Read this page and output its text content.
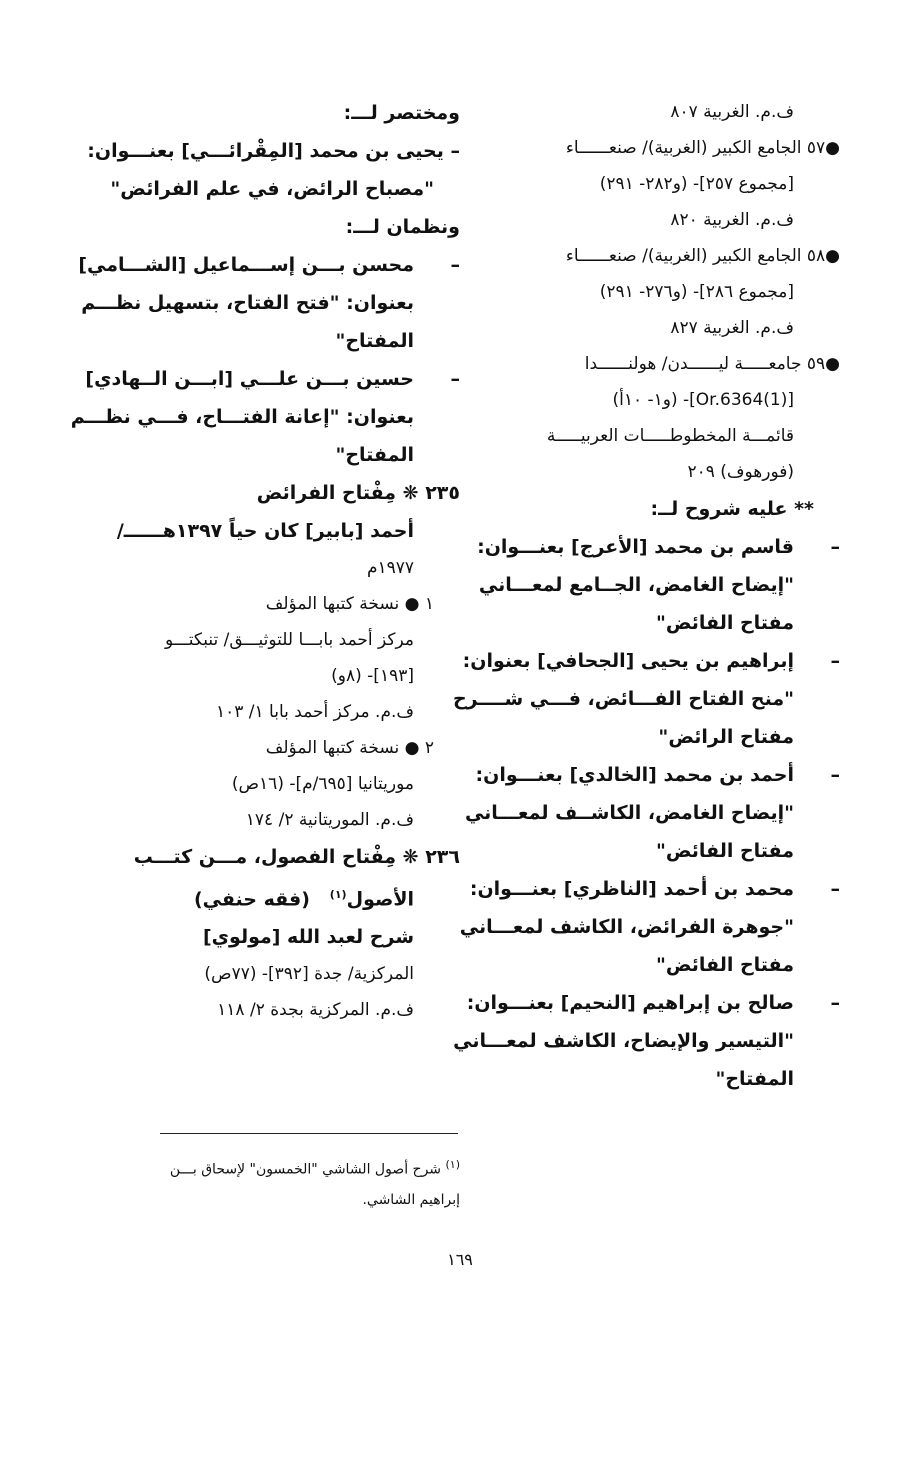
ف.م. الغربية ٨٠٧
●٥٧ الجامع الكبير (الغربية)/ صنعــــــاء
[مجموع ٢٥٧]- (و٢٨٢- ٢٩١)
ف.م. الغربية ٨٢٠
●٥٨ الجامع الكبير (الغربية)/ صنعــــــاء
[مجموع ٢٨٦]- (و٢٧٦- ٢٩١)
ف.م. الغربية ٨٢٧
●٥٩ جامعـــــة ليــــــدن/ هولنــــــدا
[Or.6364(1)]- (و١- ١٠أ)
قائمـــة المخطوطـــــات العربيـــــة
(فورهوف) ٢٠٩
** عليه شروح لــ:
–
قاسم بن محمد [الأعرج] بعنـــوان:
"إيضاح الغامض، الجــامع لمعـــاني
مفتاح الفائض"
–
إبراهيم بن يحيى [الجحافي] بعنوان:
"منح الفتاح الفـــائض، فـــي شــــرح
مفتاح الرائض"
–
أحمد بن محمد [الخالدي] بعنـــوان:
"إيضاح الغامض، الكاشــف لمعـــاني
مفتاح الفائض"
–
محمد بن أحمد [الناظري] بعنـــوان:
"جوهرة الفرائض، الكاشف لمعـــاني
مفتاح الفائض"
–
صالح بن إبراهيم [النحيم] بعنـــوان:
"التيسير والإيضاح، الكاشف لمعـــاني
المفتاح"
ومختصر لـــ:
– يحيى بن محمد [المِقْرائـــي] بعنـــوان:
"مصباح الرائض، في علم الفرائض"
ونظمان لـــ:
–
محسن بـــن إســـماعيل [الشـــامي]
بعنوان: "فتح الفتاح، بتسهيل نظـــم
المفتاح"
–
حسين بـــن علـــي [ابـــن الــهادي]
بعنوان: "إعانة الفتـــاح، فـــي نظـــم
المفتاح"
٢٣٥ ❋ مِفْتاح الفرائض
أحمد [بابير] كان حياً ١٣٩٧هــــــ/
١٩٧٧م
١ ● نسخة كتبها المؤلف
مركز أحمد بابـــا للتوثيـــق/ تنبكتـــو
[١٩٣]- (٨و)
ف.م. مركز أحمد بابا ١/ ١٠٣
٢ ● نسخة كتبها المؤلف
موريتانيا [٦٩٥/م]- (١٦ص)
ف.م. الموريتانية ٢/ ١٧٤
٢٣٦ ❋ مِفْتاح الفصول، مـــن كتـــب
الأصول$^{(١)}$   (فقه حنفي)
شرح لعبد الله [مولوي]
المركزية/ جدة [٣٩٢]- (٧٧ص)
ف.م. المركزية بجدة ٢/ ١١٨
$^{(١)}$ شرح أصول الشاشي "الخمسون" لإسحاق بـــن
إبراهيم الشاشي.
١٦٩
